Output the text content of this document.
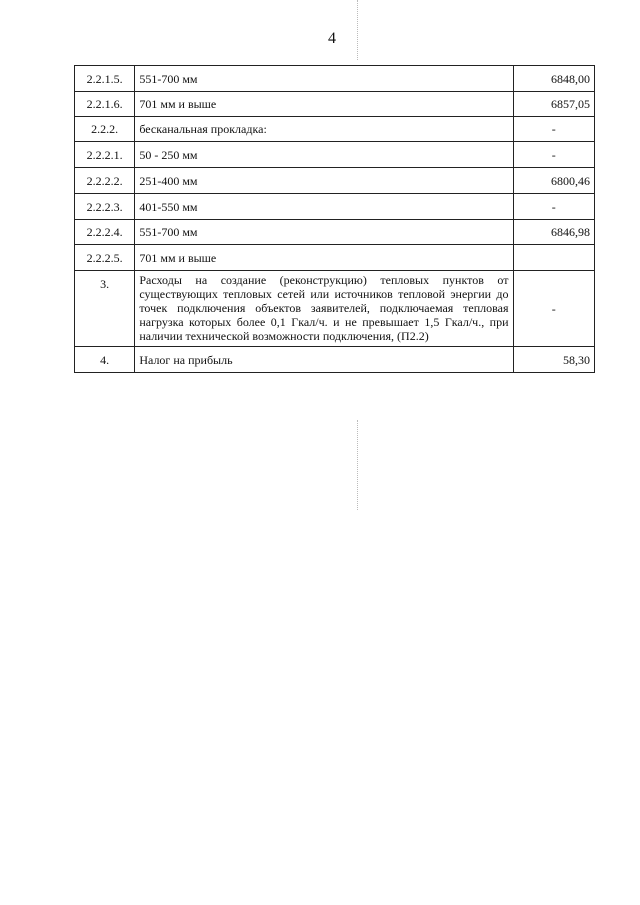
4
2.2.1.5.	551-700 мм	6848,00
2.2.1.6.	701 мм и выше	6857,05
2.2.2.	бесканальная прокладка:	-
2.2.2.1.	50 - 250 мм	-
2.2.2.2.	251-400 мм	6800,46
2.2.2.3.	401-550 мм	-
2.2.2.4.	551-700 мм	6846,98
2.2.2.5.	701 мм и выше	
3.	Расходы на создание (реконструкцию) тепловых пунктов от существующих тепловых сетей или источников тепловой энергии до точек подключения объектов заявителей, подключаемая тепловая нагрузка которых более 0,1 Гкал/ч. и не превышает 1,5 Гкал/ч., при наличии технической возможности подключения, (П2.2)	-
4.	Налог на прибыль	58,30
